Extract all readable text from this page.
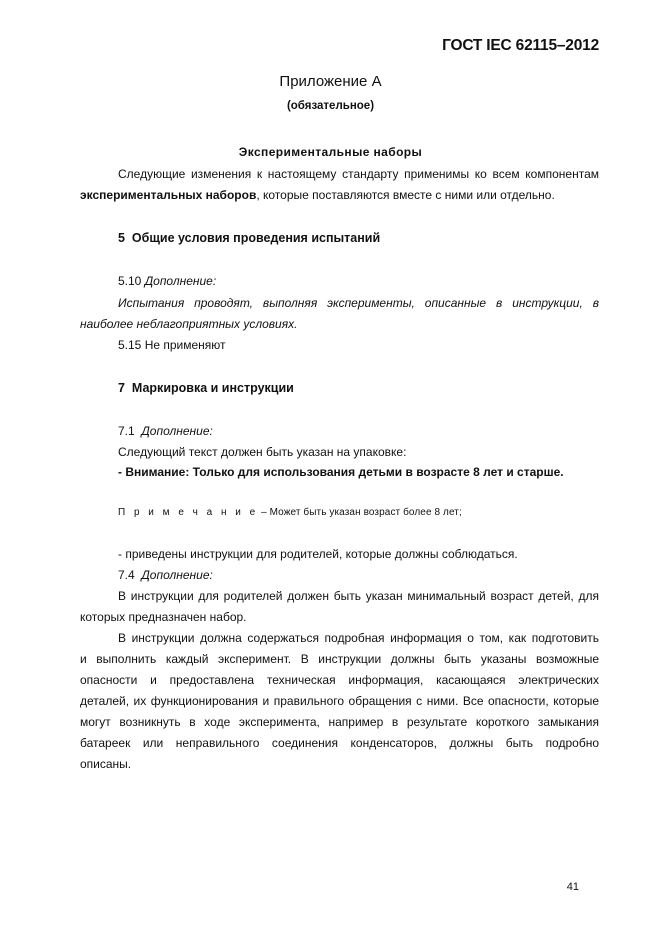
ГОСТ IEC 62115–2012
Приложение А
(обязательное)
Экспериментальные наборы
Следующие изменения к настоящему стандарту применимы ко всем компонентам
экспериментальных наборов, которые поставляются вместе с ними или отдельно.
5 Общие условия проведения испытаний
5.10 Дополнение:
Испытания проводят, выполняя эксперименты, описанные в инструкции, в
наиболее неблагоприятных условиях.
5.15 Не применяют
7 Маркировка и инструкции
7.1 Дополнение:
Следующий текст должен быть указан на упаковке:
- Внимание: Только для использования детьми в возрасте 8 лет и старше.
П р и м е ч а н и е – Может быть указан возраст более 8 лет;
- приведены инструкции для родителей, которые должны соблюдаться.
7.4 Дополнение:
В инструкции для родителей должен быть указан минимальный возраст детей, для
которых предназначен набор.
В инструкции должна содержаться подробная информация о том, как подготовить
и выполнить каждый эксперимент. В инструкции должны быть указаны возможные
опасности и предоставлена техническая информация, касающаяся электрических
деталей, их функционирования и правильного обращения с ними. Все опасности, которые
могут возникнуть в ходе эксперимента, например в результате короткого замыкания
батареек или неправильного соединения конденсаторов, должны быть подробно
описаны.
41
